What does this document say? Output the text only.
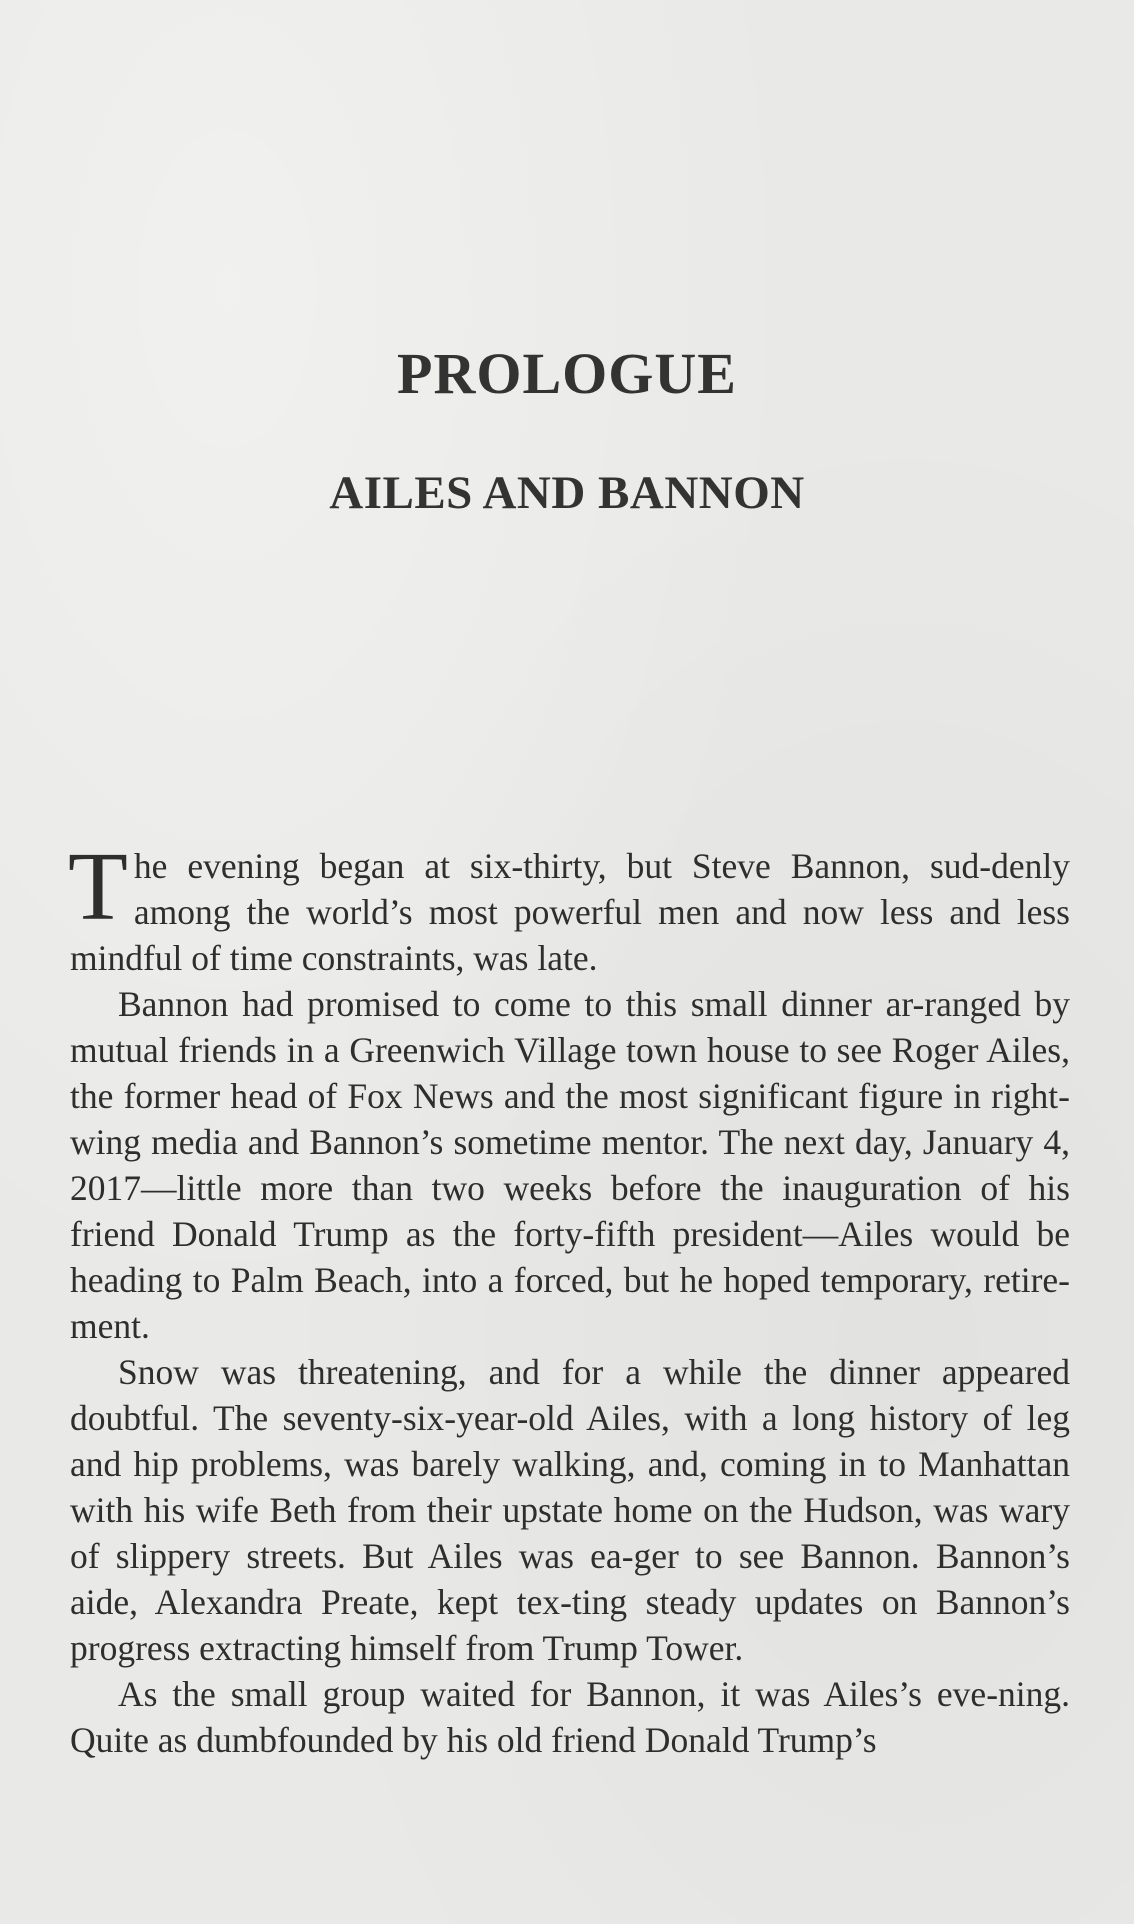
PROLOGUE
AILES AND BANNON

The evening began at six-thirty, but Steve Bannon, sud-denly among the world’s most powerful men and now less and less mindful of time constraints, was late.

Bannon had promised to come to this small dinner ar-ranged by mutual friends in a Greenwich Village town house to see Roger Ailes, the former head of Fox News and the most significant figure in right-wing media and Bannon’s sometime mentor. The next day, January 4, 2017—little more than two weeks before the inauguration of his friend Donald Trump as the forty-fifth president—Ailes would be heading to Palm Beach, into a forced, but he hoped temporary, retire-ment.

Snow was threatening, and for a while the dinner appeared doubtful. The seventy-six-year-old Ailes, with a long history of leg and hip problems, was barely walking, and, coming in to Manhattan with his wife Beth from their upstate home on the Hudson, was wary of slippery streets. But Ailes was ea-ger to see Bannon. Bannon’s aide, Alexandra Preate, kept tex-ting steady updates on Bannon’s progress extracting himself from Trump Tower.

As the small group waited for Bannon, it was Ailes’s eve-ning. Quite as dumbfounded by his old friend Donald Trump’s
